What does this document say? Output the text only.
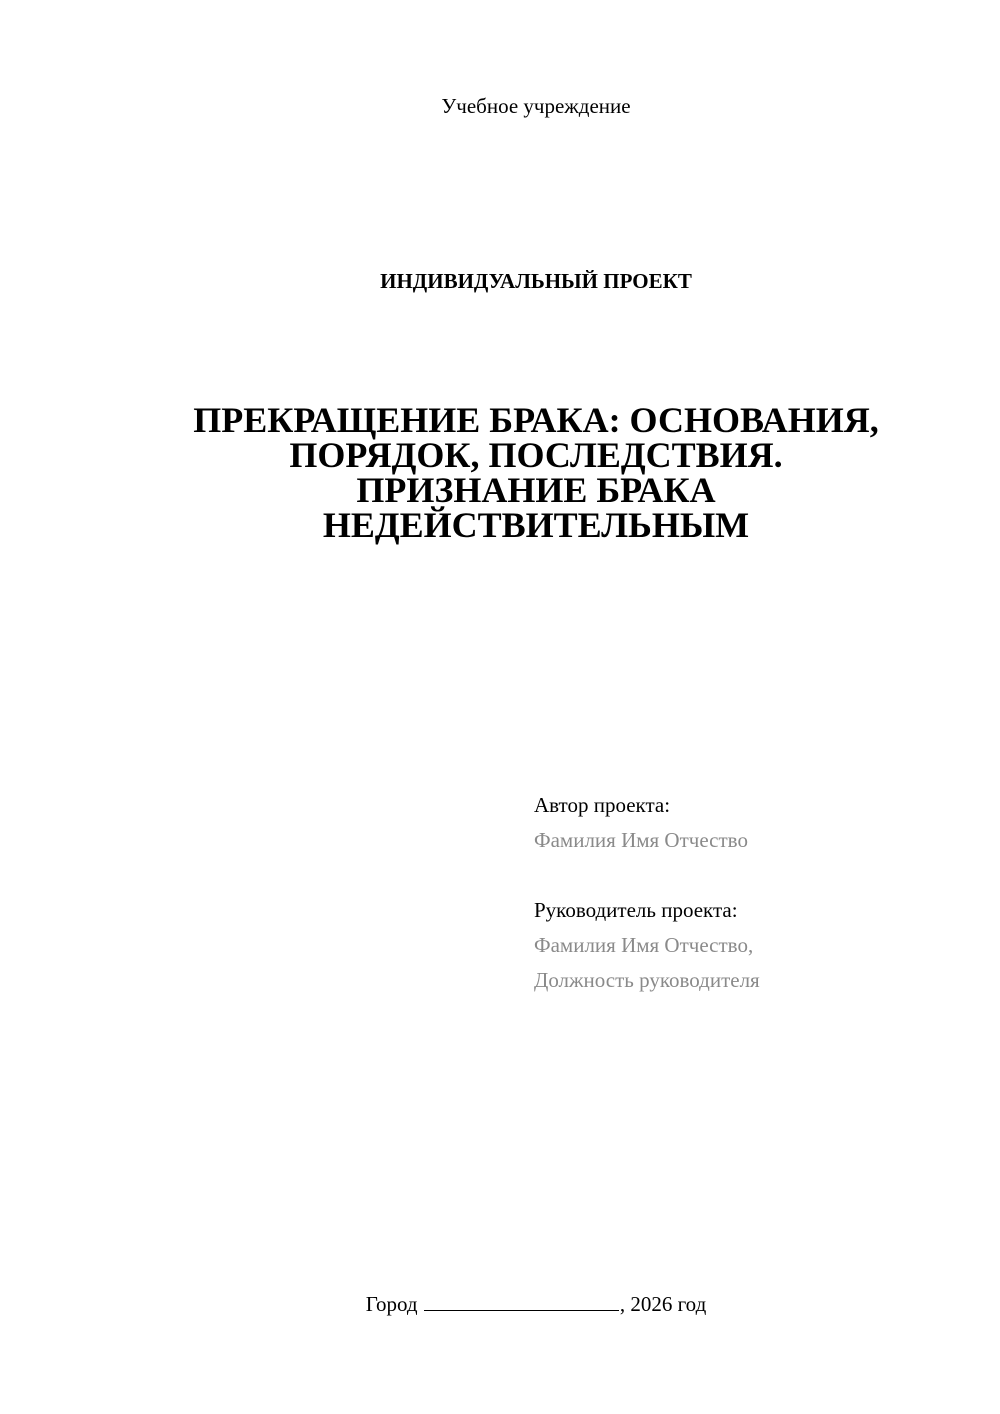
Учебное учреждение
ИНДИВИДУАЛЬНЫЙ ПРОЕКТ
ПРЕКРАЩЕНИЕ БРАКА: ОСНОВАНИЯ,
ПОРЯДОК, ПОСЛЕДСТВИЯ.
ПРИЗНАНИЕ БРАКА
НЕДЕЙСТВИТЕЛЬНЫМ
Автор проекта:
Фамилия Имя Отчество
Руководитель проекта:
Фамилия Имя Отчество,
Должность руководителя
Город	, 2026 год
